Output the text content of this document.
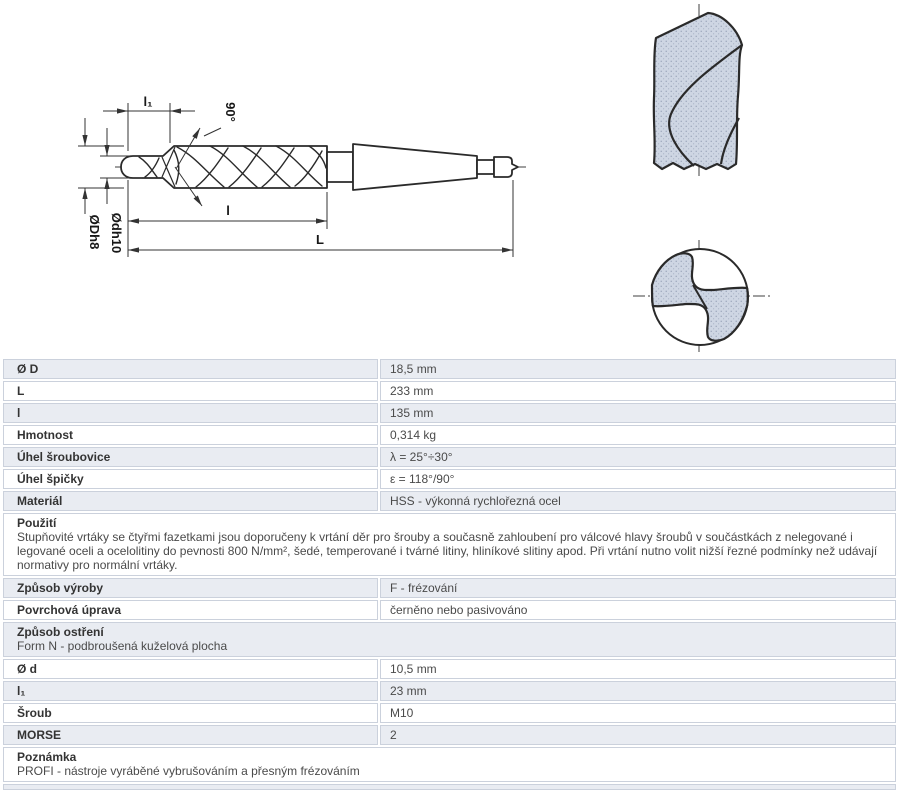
l₁
90°
ØDh8 Ødh10
l
L
Ø D	18,5 mm
L	233 mm
l	135 mm
Hmotnost	0,314 kg
Úhel šroubovice	λ = 25°÷30°
Úhel špičky	ε = 118°/90°
Materiál	HSS - výkonná rychlořezná ocel

Použití
Stupňovité vrtáky se čtyřmi fazetkami jsou doporučeny k vrtání děr pro šrouby a současně zahloubení pro válcové hlavy šroubů v součástkách z nelegované i legované oceli a ocelolitiny do pevnosti 800 N/mm², šedé, temperované i tvárné litiny, hliníkové slitiny apod. Při vrtání nutno volit nižší řezné podmínky než udávají normativy pro normální vrtáky.	

Způsob výroby	F - frézování
Povrchová úprava	černěno nebo pasivováno

Způsob ostření
Form N - podbroušená kuželová plocha	

Ø d	10,5 mm
l₁	23 mm
Šroub	M10
MORSE	2

Poznámka
PROFI - nástroje vyráběné vybrušováním a přesným frézováním	
